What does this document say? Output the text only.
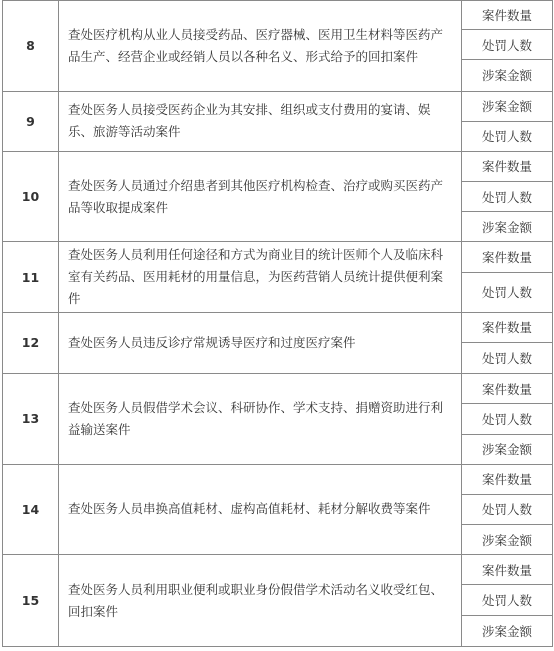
8	查处医疗机构从业人员接受药品、医疗器械、医用卫生材料等医药产品生产、经营企业或经销人员以各种名义、形式给予的回扣案件	案件数量
		处罚人数
		涉案金额
9	查处医务人员接受医药企业为其安排、组织或支付费用的宴请、娱乐、旅游等活动案件	涉案金额
		处罚人数
10	查处医务人员通过介绍患者到其他医疗机构检查、治疗或购买医药产品等收取提成案件	案件数量
		处罚人数
		涉案金额
11	查处医务人员利用任何途径和方式为商业目的统计医师个人及临床科室有关药品、医用耗材的用量信息，为医药营销人员统计提供便利案件	案件数量
		处罚人数
12	查处医务人员违反诊疗常规诱导医疗和过度医疗案件	案件数量
		处罚人数
13	查处医务人员假借学术会议、科研协作、学术支持、捐赠资助进行利益输送案件	案件数量
		处罚人数
		涉案金额
14	查处医务人员串换高值耗材、虚构高值耗材、耗材分解收费等案件	案件数量
		处罚人数
		涉案金额
15	查处医务人员利用职业便利或职业身份假借学术活动名义收受红包、回扣案件	案件数量
		处罚人数
		涉案金额
